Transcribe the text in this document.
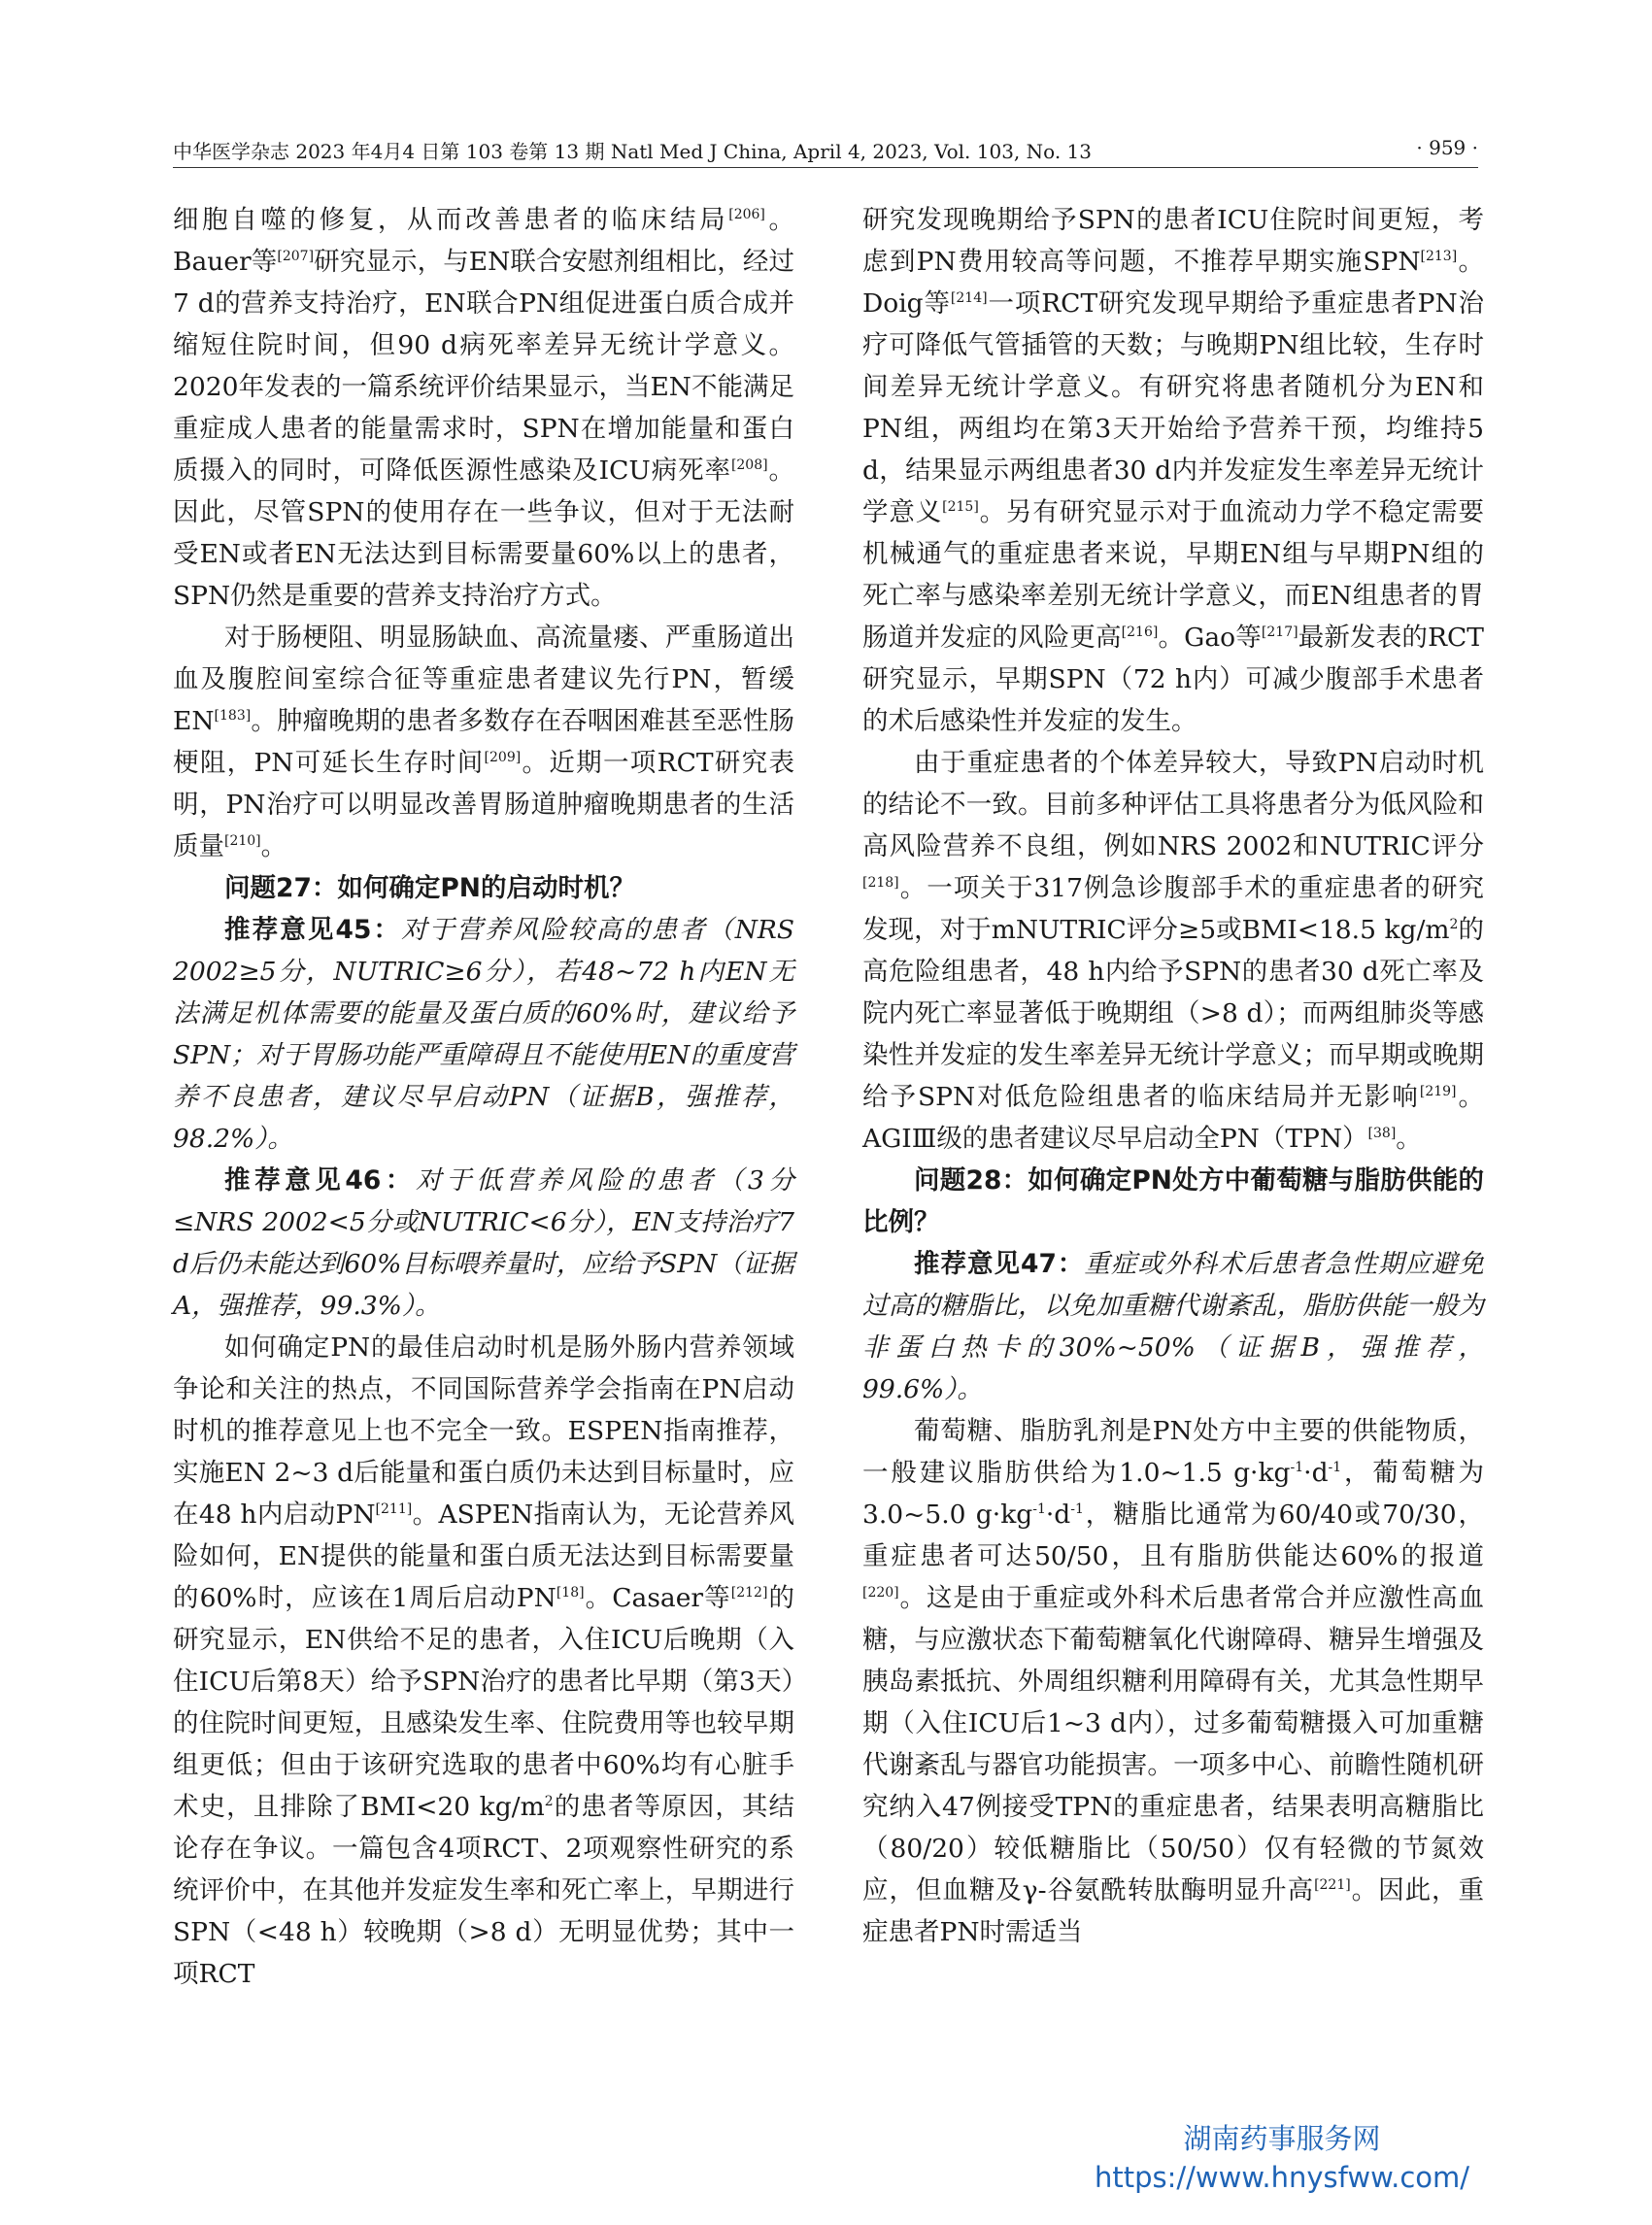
中华医学杂志 2023 年4月4 日第 103 卷第 13 期 Natl Med J China, April 4, 2023, Vol. 103, No. 13	· 959 ·

细胞自噬的修复，从而改善患者的临床结局[206]。Bauer等[207]研究显示，与EN联合安慰剂组相比，经过7 d的营养支持治疗，EN联合PN组促进蛋白质合成并缩短住院时间，但90 d病死率差异无统计学意义。2020年发表的一篇系统评价结果显示，当EN不能满足重症成人患者的能量需求时，SPN在增加能量和蛋白质摄入的同时，可降低医源性感染及ICU病死率[208]。因此，尽管SPN的使用存在一些争议，但对于无法耐受EN或者EN无法达到目标需要量60%以上的患者，SPN仍然是重要的营养支持治疗方式。

对于肠梗阻、明显肠缺血、高流量瘘、严重肠道出血及腹腔间室综合征等重症患者建议先行PN，暂缓EN[183]。肿瘤晚期的患者多数存在吞咽困难甚至恶性肠梗阻，PN可延长生存时间[209]。近期一项RCT研究表明，PN治疗可以明显改善胃肠道肿瘤晚期患者的生活质量[210]。

问题27：如何确定PN的启动时机？

推荐意见45：对于营养风险较高的患者（NRS 2002≥5分，NUTRIC≥6分），若48~72 h内EN无法满足机体需要的能量及蛋白质的60%时，建议给予SPN；对于胃肠功能严重障碍且不能使用EN的重度营养不良患者，建议尽早启动PN（证据B，强推荐，98.2%）。

推荐意见46：对于低营养风险的患者（3分≤NRS 2002<5分或NUTRIC<6分），EN支持治疗7 d后仍未能达到60%目标喂养量时，应给予SPN（证据A，强推荐，99.3%）。

如何确定PN的最佳启动时机是肠外肠内营养领域争论和关注的热点，不同国际营养学会指南在PN启动时机的推荐意见上也不完全一致。ESPEN指南推荐，实施EN 2~3 d后能量和蛋白质仍未达到目标量时，应在48 h内启动PN[211]。ASPEN指南认为，无论营养风险如何，EN提供的能量和蛋白质无法达到目标需要量的60%时，应该在1周后启动PN[18]。Casaer等[212]的研究显示，EN供给不足的患者，入住ICU后晚期（入住ICU后第8天）给予SPN治疗的患者比早期（第3天）的住院时间更短，且感染发生率、住院费用等也较早期组更低；但由于该研究选取的患者中60%均有心脏手术史，且排除了BMI<20 $kg/m^2$的患者等原因，其结论存在争议。一篇包含4项RCT、2项观察性研究的系统评价中，在其他并发症发生率和死亡率上，早期进行SPN（<48 h）较晚期（>8 d）无明显优势；其中一项RCT

研究发现晚期给予SPN的患者ICU住院时间更短，考虑到PN费用较高等问题，不推荐早期实施SPN[213]。Doig等[214]一项RCT研究发现早期给予重症患者PN治疗可降低气管插管的天数；与晚期PN组比较，生存时间差异无统计学意义。有研究将患者随机分为EN和PN组，两组均在第3天开始给予营养干预，均维持5 d，结果显示两组患者30 d内并发症发生率差异无统计学意义[215]。另有研究显示对于血流动力学不稳定需要机械通气的重症患者来说，早期EN组与早期PN组的死亡率与感染率差别无统计学意义，而EN组患者的胃肠道并发症的风险更高[216]。Gao等[217]最新发表的RCT研究显示，早期SPN（72 h内）可减少腹部手术患者的术后感染性并发症的发生。

由于重症患者的个体差异较大，导致PN启动时机的结论不一致。目前多种评估工具将患者分为低风险和高风险营养不良组，例如NRS 2002和NUTRIC评分[218]。一项关于317例急诊腹部手术的重症患者的研究发现，对于mNUTRIC评分≥5或BMI<18.5 $kg/m^2$的高危险组患者，48 h内给予SPN的患者30 d死亡率及院内死亡率显著低于晚期组（>8 d）；而两组肺炎等感染性并发症的发生率差异无统计学意义；而早期或晚期给予SPN对低危险组患者的临床结局并无影响[219]。AGIⅢ级的患者建议尽早启动全PN（TPN）[38]。

问题28：如何确定PN处方中葡萄糖与脂肪供能的比例？

推荐意见47：重症或外科术后患者急性期应避免过高的糖脂比，以免加重糖代谢紊乱，脂肪供能一般为非蛋白热卡的30%~50%（证据B，强推荐，99.6%）。

葡萄糖、脂肪乳剂是PN处方中主要的供能物质，一般建议脂肪供给为1.0~1.5 $g\cdot kg^{-1}\cdot d^{-1}$，葡萄糖为3.0~5.0 $g\cdot kg^{-1}\cdot d^{-1}$，糖脂比通常为60/40或70/30，重症患者可达50/50，且有脂肪供能达60%的报道[220]。这是由于重症或外科术后患者常合并应激性高血糖，与应激状态下葡萄糖氧化代谢障碍、糖异生增强及胰岛素抵抗、外周组织糖利用障碍有关，尤其急性期早期（入住ICU后1~3 d内），过多葡萄糖摄入可加重糖代谢紊乱与器官功能损害。一项多中心、前瞻性随机研究纳入47例接受TPN的重症患者，结果表明高糖脂比（80/20）较低糖脂比（50/50）仅有轻微的节氮效应，但血糖及γ-谷氨酰转肽酶明显升高[221]。因此，重症患者PN时需适当

湖南药事服务网
https://www.hnysfww.com/
